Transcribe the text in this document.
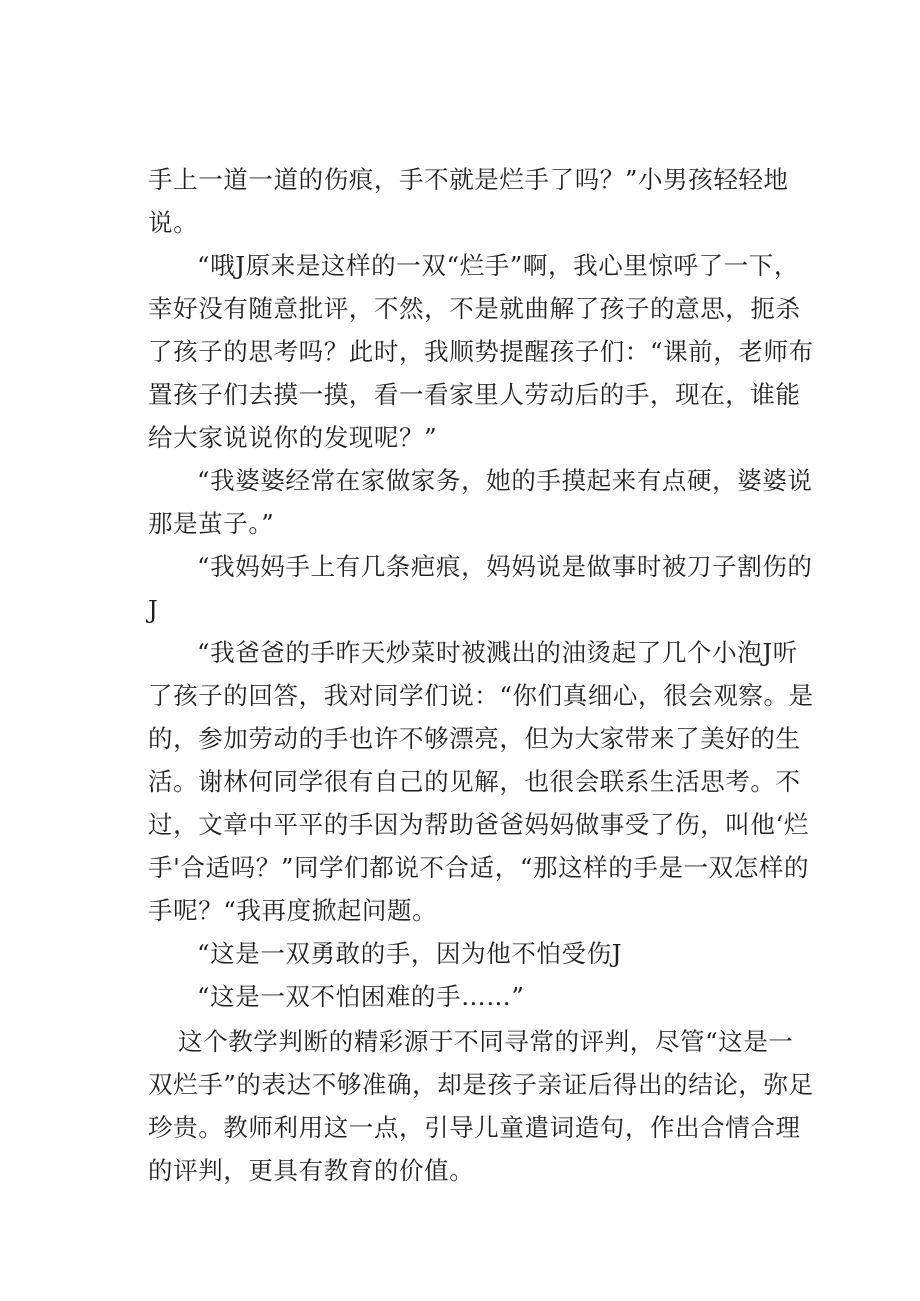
手上一道一道的伤痕，手不就是烂手了吗？”小男孩轻轻地说。

“哦J原来是这样的一双“烂手”啊，我心里惊呼了一下，幸好没有随意批评，不然，不是就曲解了孩子的意思，扼杀了孩子的思考吗？此时，我顺势提醒孩子们：“课前，老师布置孩子们去摸一摸，看一看家里人劳动后的手，现在，谁能给大家说说你的发现呢？”

“我婆婆经常在家做家务，她的手摸起来有点硬，婆婆说那是茧子。”

“我妈妈手上有几条疤痕，妈妈说是做事时被刀子割伤的J

“我爸爸的手昨天炒菜时被溅出的油烫起了几个小泡J听了孩子的回答，我对同学们说：“你们真细心，很会观察。是的，参加劳动的手也许不够漂亮，但为大家带来了美好的生活。谢林何同学很有自己的见解，也很会联系生活思考。不过，文章中平平的手因为帮助爸爸妈妈做事受了伤，叫他‘烂手'合适吗？”同学们都说不合适，“那这样的手是一双怎样的手呢？“我再度掀起问题。

“这是一双勇敢的手，因为他不怕受伤J

“这是一双不怕困难的手……”

这个教学判断的精彩源于不同寻常的评判，尽管“这是一双烂手”的表达不够准确，却是孩子亲证后得出的结论，弥足珍贵。教师利用这一点，引导儿童遣词造句，作出合情合理的评判，更具有教育的价值。
